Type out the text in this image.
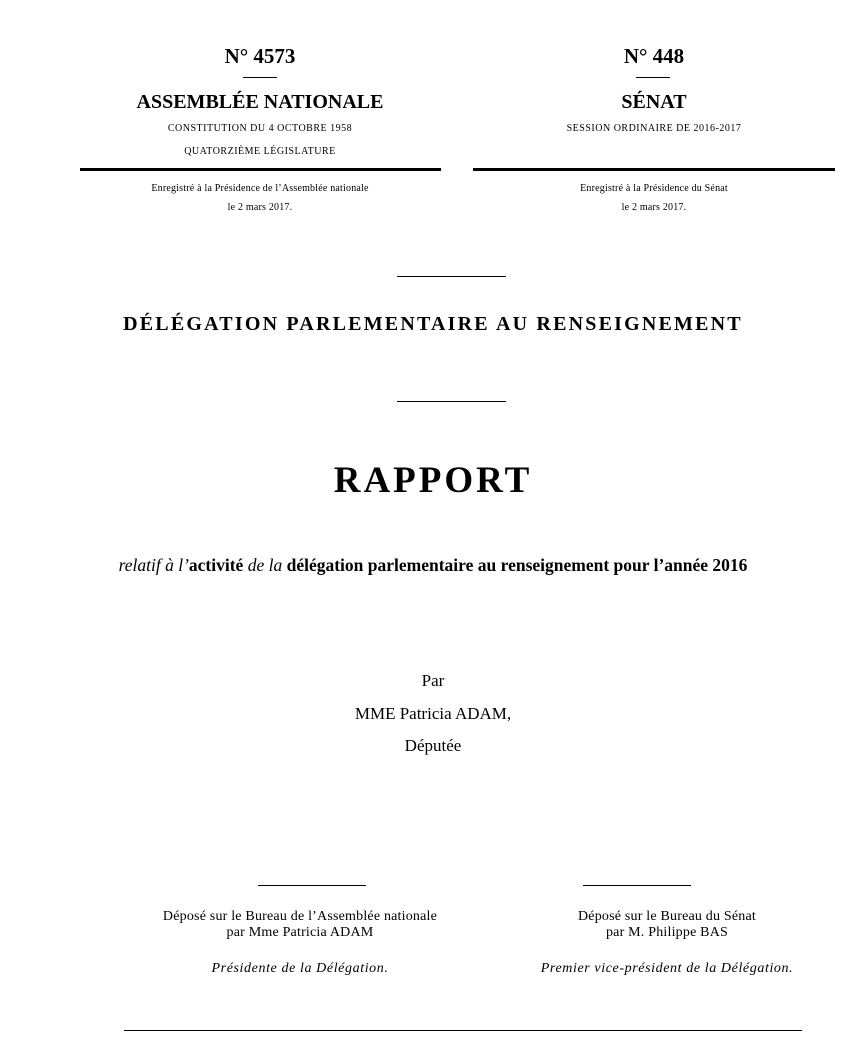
N° 4573
ASSEMBLÉE NATIONALE
CONSTITUTION DU 4 OCTOBRE 1958
QUATORZIÈME LÉGISLATURE
Enregistré à la Présidence de l’Assemblée nationale
le 2 mars 2017.
N° 448
SÉNAT
SESSION ORDINAIRE DE 2016-2017
Enregistré à la Présidence du Sénat
le 2 mars 2017.
DÉLÉGATION PARLEMENTAIRE AU RENSEIGNEMENT
RAPPORT
relatif à l’activité de la délégation parlementaire au renseignement pour l’année 2016
Par
MME Patricia ADAM,
Députée
Déposé sur le Bureau de l’Assemblée nationale
par Mme Patricia ADAM
Présidente de la Délégation.
Déposé sur le Bureau du Sénat
par M. Philippe BAS
Premier vice-président de la Délégation.
